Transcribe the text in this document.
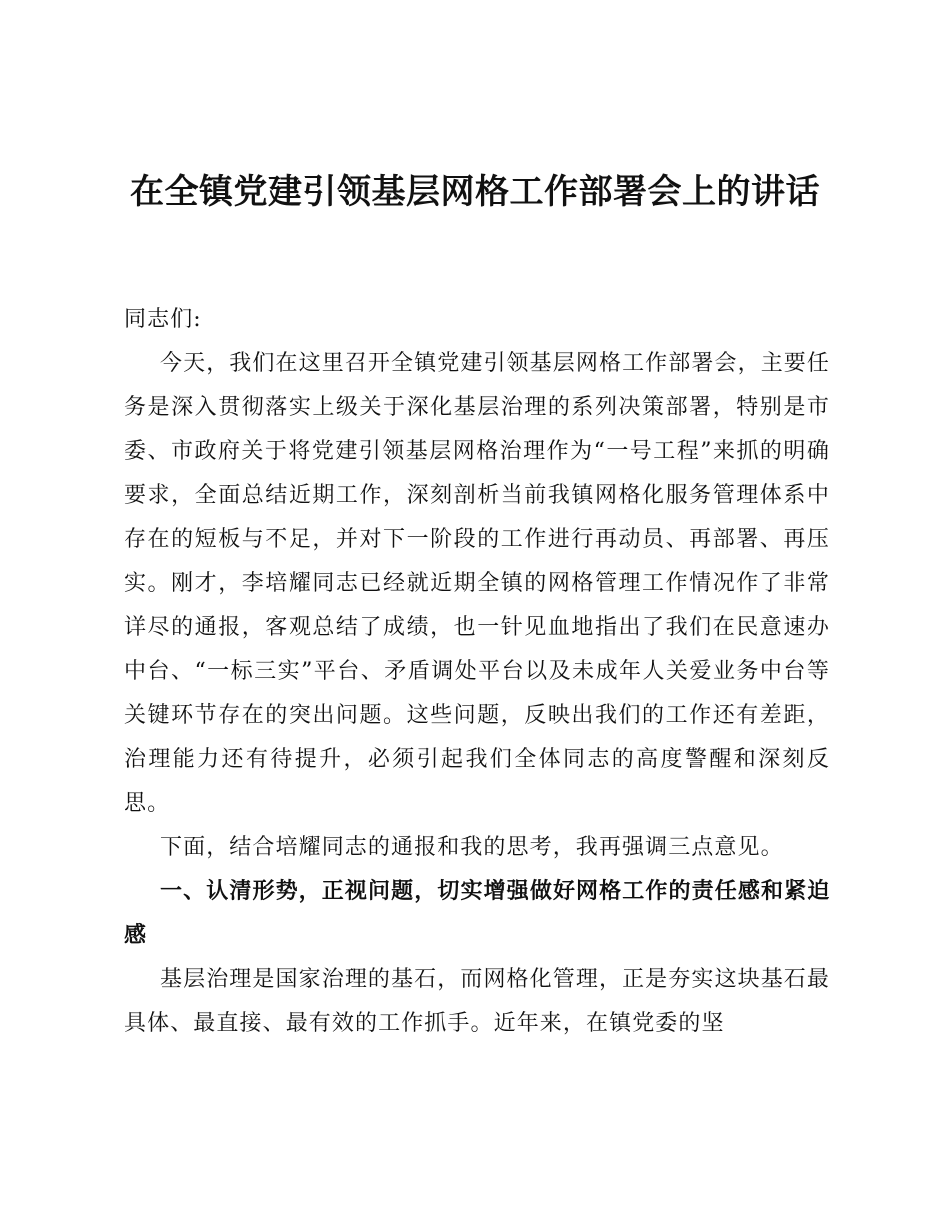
在全镇党建引领基层网格工作部署会上的讲话

同志们:

今天，我们在这里召开全镇党建引领基层网格工作部署会，主要任务是深入贯彻落实上级关于深化基层治理的系列决策部署，特别是市委、市政府关于将党建引领基层网格治理作为“一号工程”来抓的明确要求，全面总结近期工作，深刻剖析当前我镇网格化服务管理体系中存在的短板与不足，并对下一阶段的工作进行再动员、再部署、再压实。刚才，李培耀同志已经就近期全镇的网格管理工作情况作了非常详尽的通报，客观总结了成绩，也一针见血地指出了我们在民意速办中台、“一标三实”平台、矛盾调处平台以及未成年人关爱业务中台等关键环节存在的突出问题。这些问题，反映出我们的工作还有差距，治理能力还有待提升，必须引起我们全体同志的高度警醒和深刻反思。

下面，结合培耀同志的通报和我的思考，我再强调三点意见。

一、认清形势，正视问题，切实增强做好网格工作的责任感和紧迫感

基层治理是国家治理的基石，而网格化管理，正是夯实这块基石最具体、最直接、最有效的工作抓手。近年来，在镇党委的坚
